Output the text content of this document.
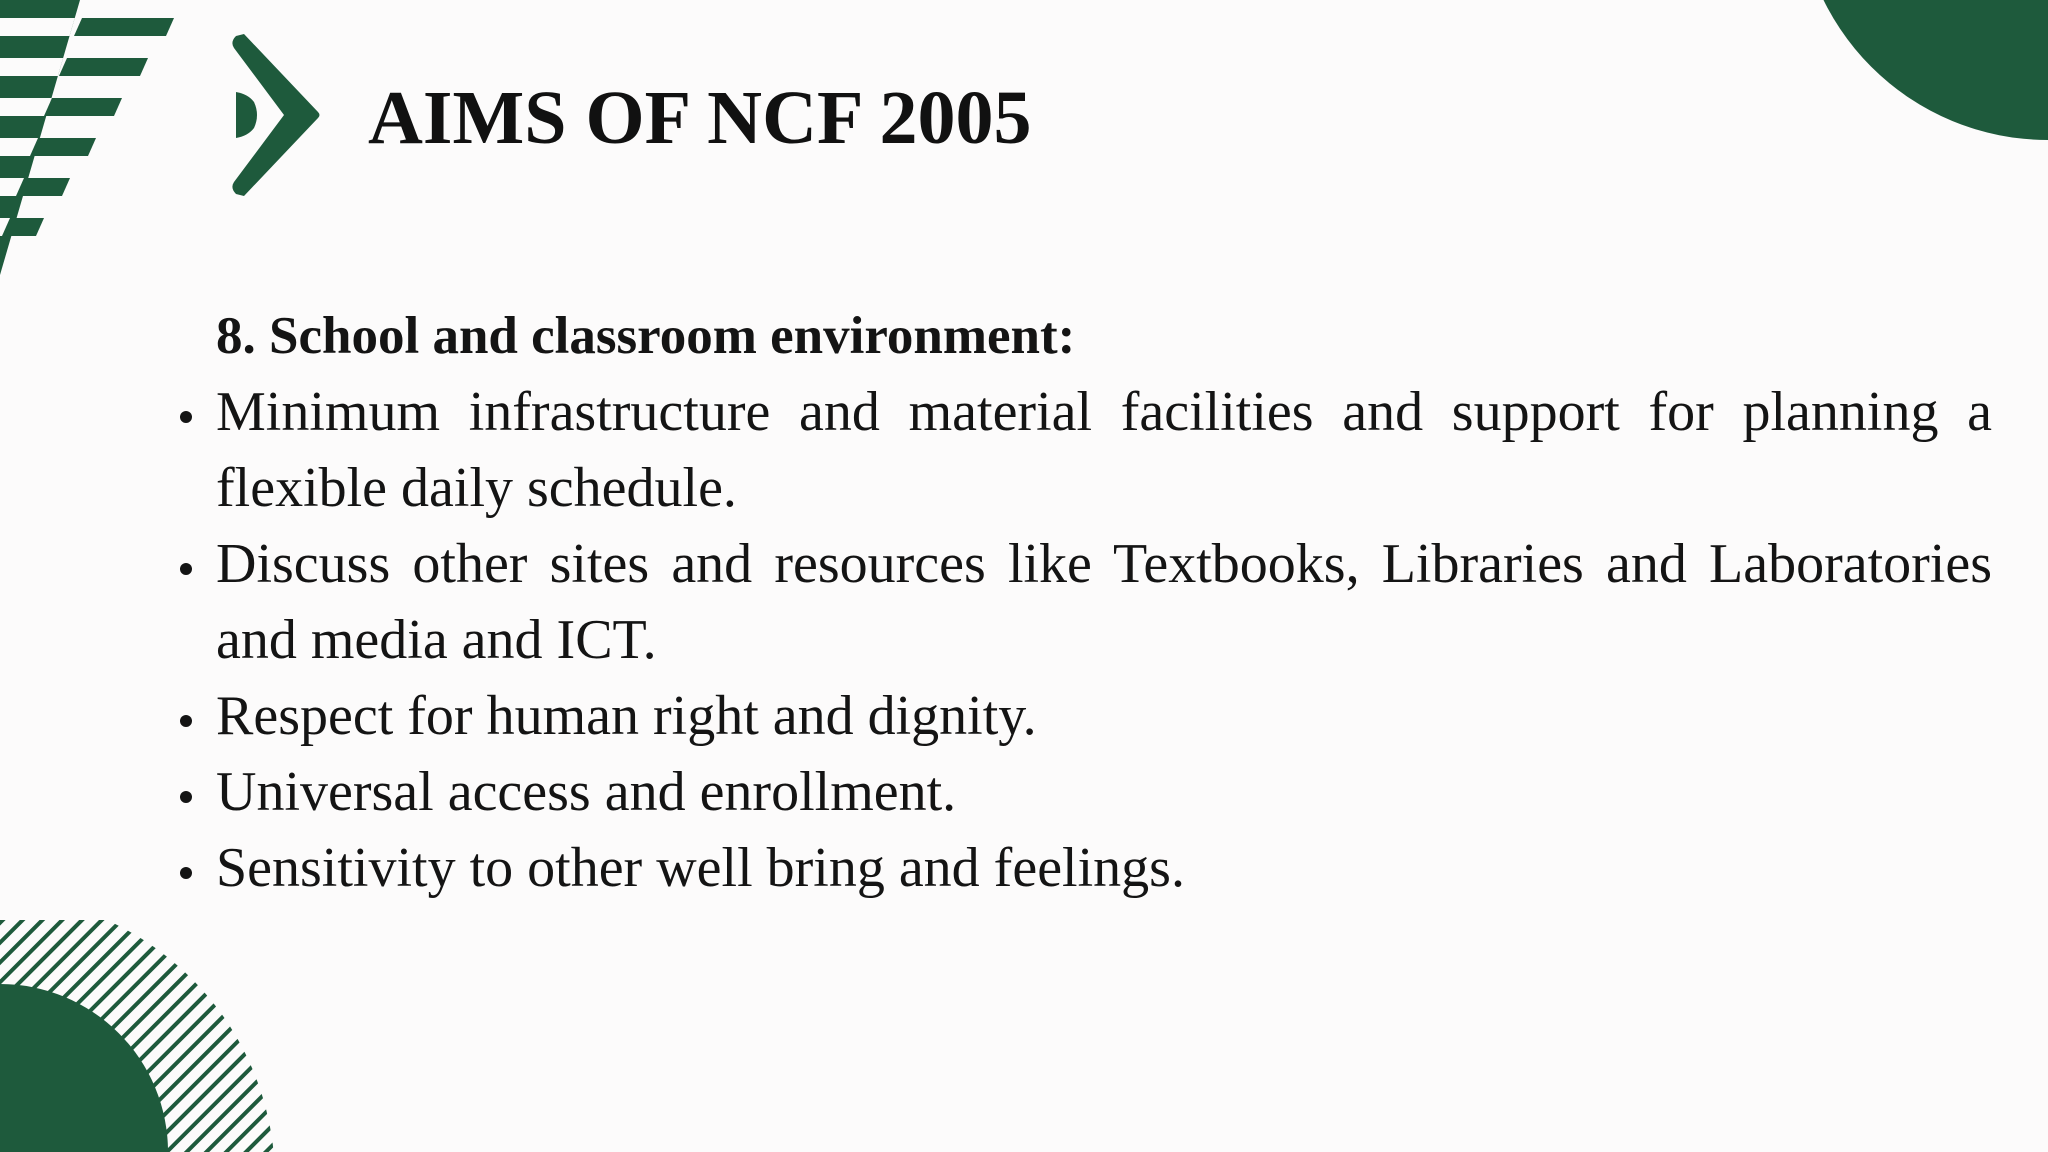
AIMS OF NCF 2005

8. School and classroom environment:

Minimum infrastructure and material facilities and support for planning a flexible daily schedule.
Discuss other sites and resources like Textbooks, Libraries and Laboratories and media and ICT.
Respect for human right and dignity.
Universal access and enrollment.
Sensitivity to other well bring and feelings.
